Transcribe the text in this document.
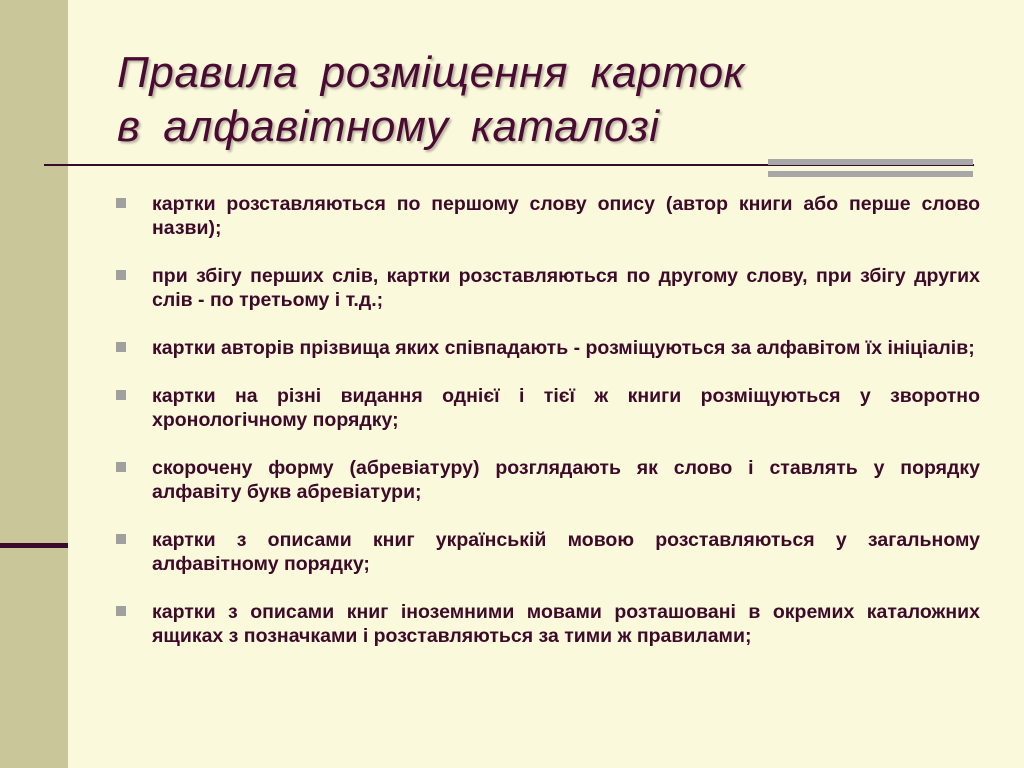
Правила розміщення карток
в алфавітному каталозі
картки розставляються по першому слову опису (автор книги або перше слово назви);
при збігу перших слів, картки розставляються по другому слову, при збігу других слів - по третьому і т.д.;
картки авторів прізвища яких співпадають - розміщуються за алфавітом їх ініціалів;
картки на різні видання однієї і тієї ж книги розміщуються у зворотно хронологічному порядку;
скорочену форму (абревіатуру) розглядають як слово і ставлять у порядку алфавіту букв абревіатури;
картки з описами книг українській мовою розставляються у загальному алфавітному порядку;
картки з описами книг іноземними мовами розташовані в окремих каталожних ящиках з позначками і розставляються за тими ж правилами;
